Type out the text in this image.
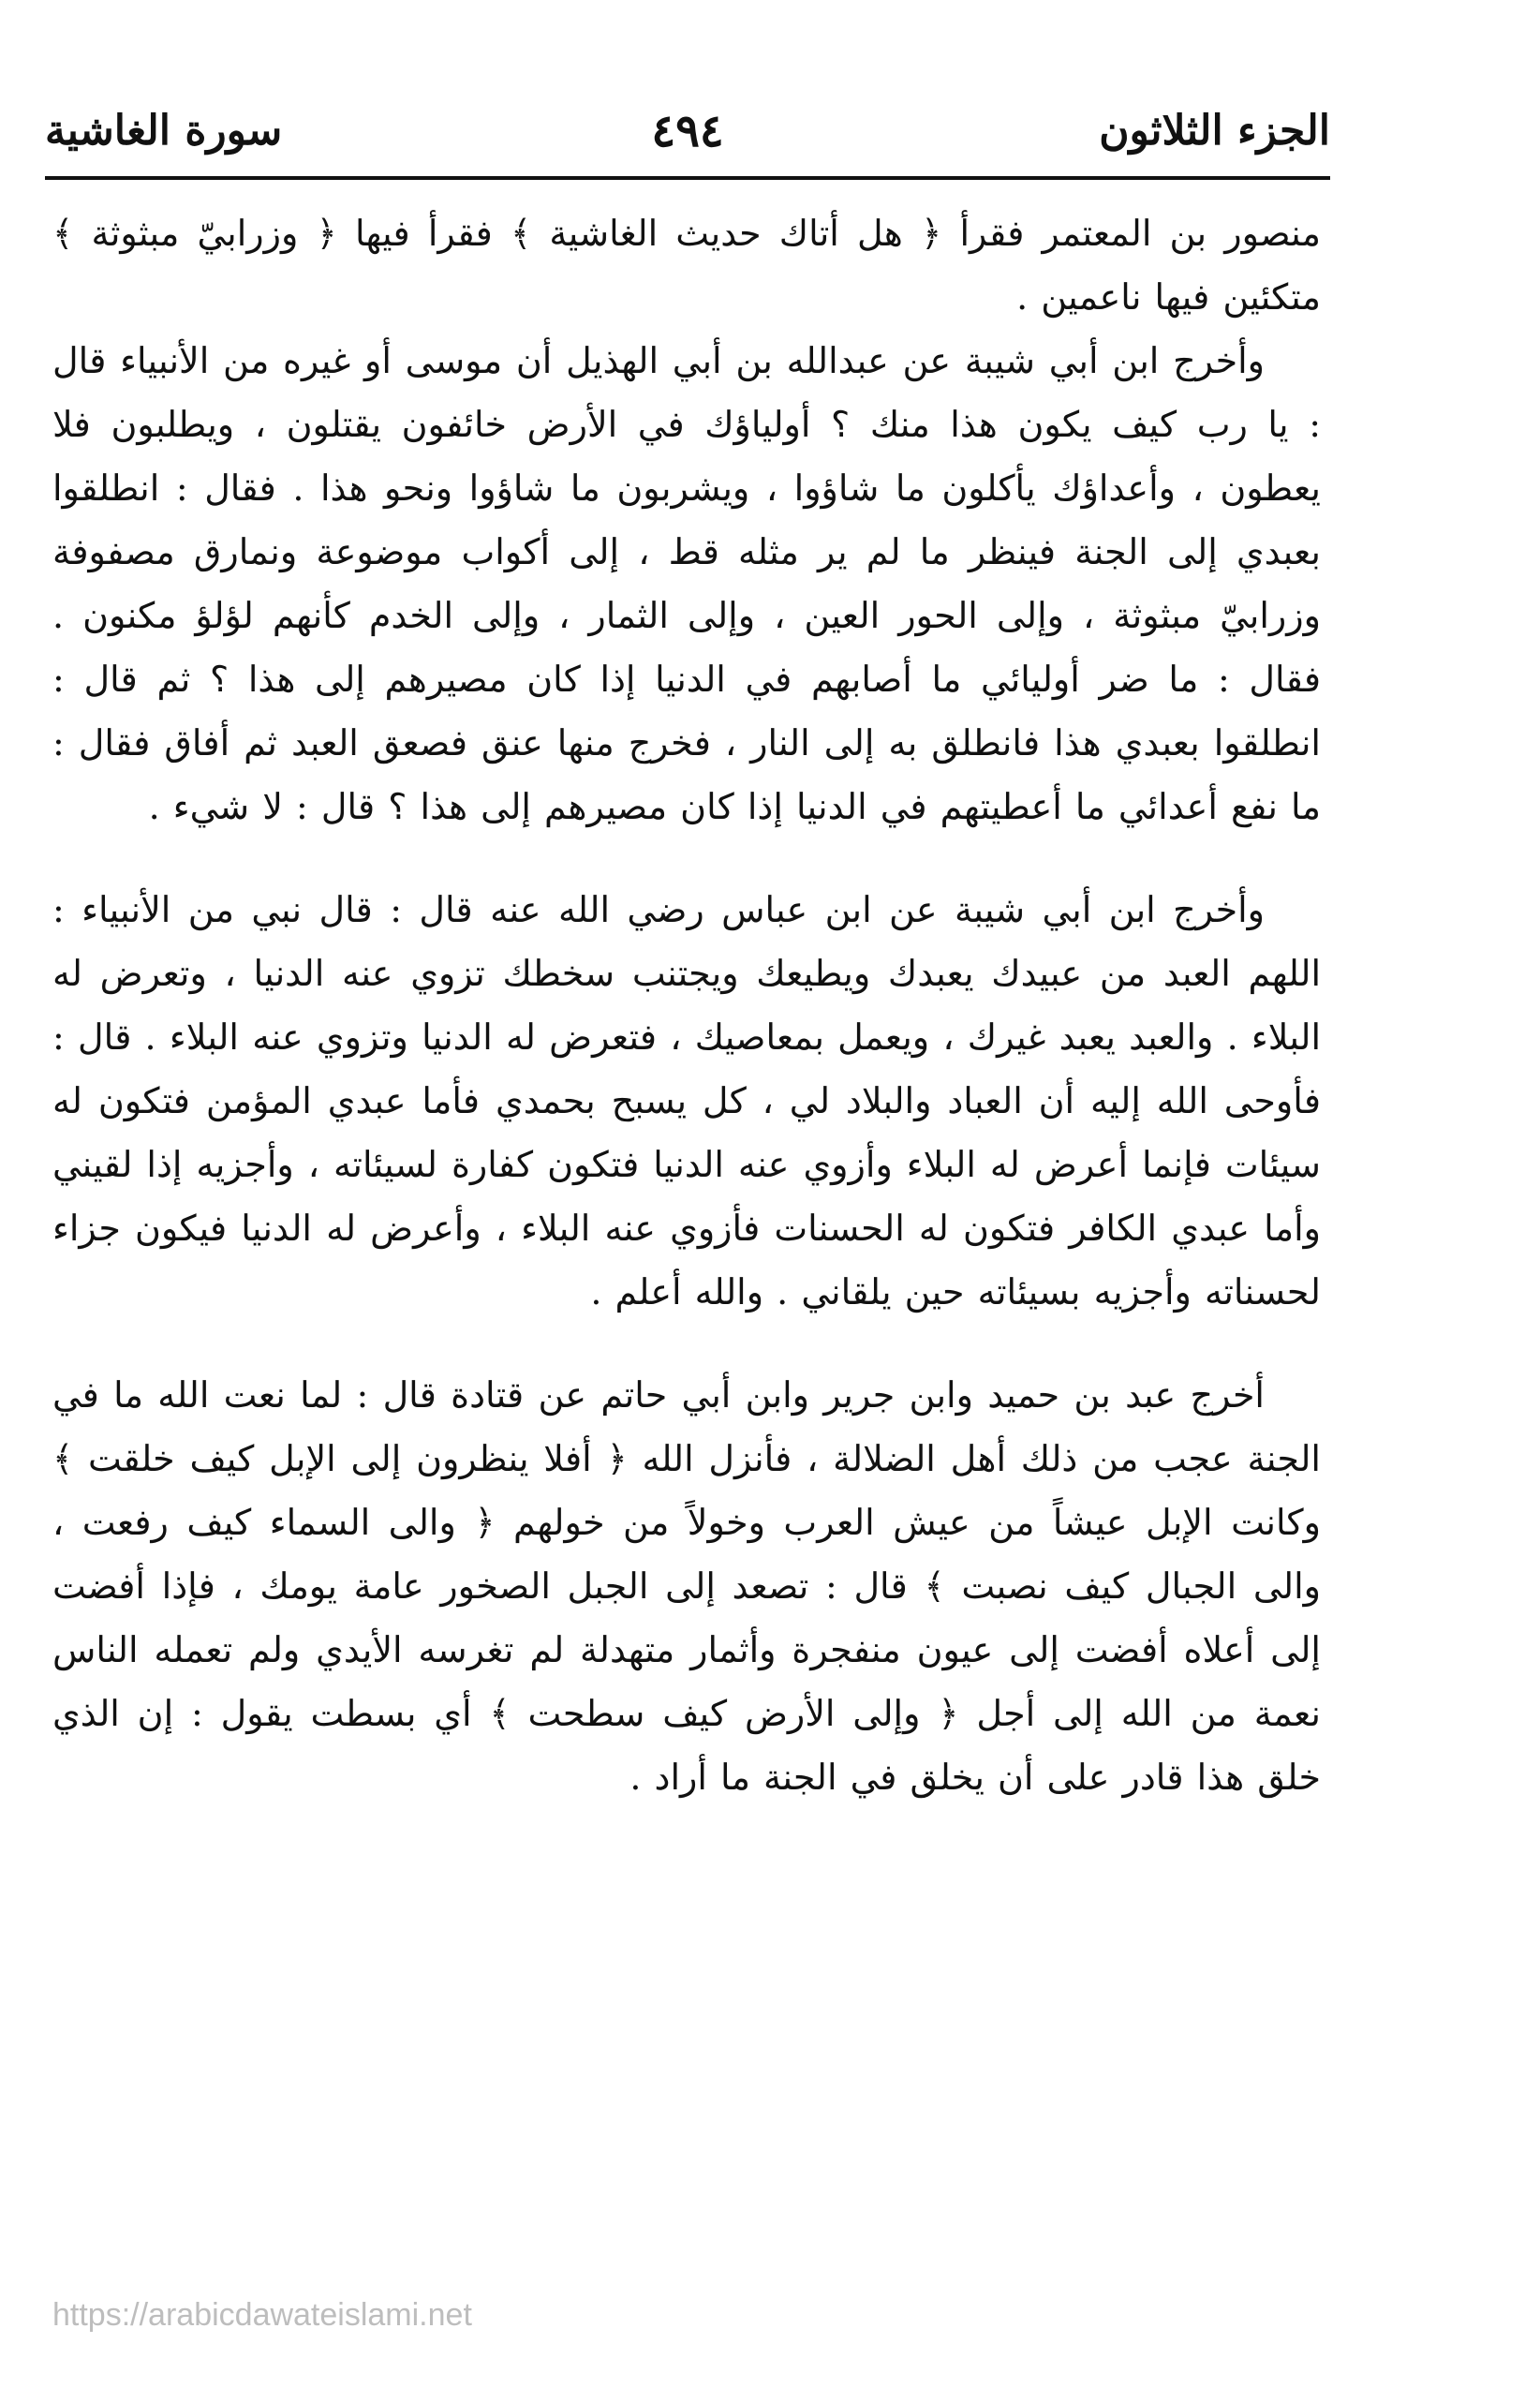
الجزء الثلاثون
٤٩٤
سورة الغاشية

منصور بن المعتمر فقرأ ﴿ هل أتاك حديث الغاشية ﴾ فقرأ فيها ﴿ وزرابيّ مبثوثة ﴾ متكئين فيها ناعمين .

وأخرج ابن أبي شيبة عن عبدالله بن أبي الهذيل أن موسى أو غيره من الأنبياء قال : يا رب كيف يكون هذا منك ؟ أولياؤك في الأرض خائفون يقتلون ، ويطلبون فلا يعطون ، وأعداؤك يأكلون ما شاؤوا ، ويشربون ما شاؤوا ونحو هذا . فقال : انطلقوا بعبدي إلى الجنة فينظر ما لم ير مثله قط ، إلى أكواب موضوعة ونمارق مصفوفة وزرابيّ مبثوثة ، وإلى الحور العين ، وإلى الثمار ، وإلى الخدم كأنهم لؤلؤ مكنون . فقال : ما ضر أوليائي ما أصابهم في الدنيا إذا كان مصيرهم إلى هذا ؟ ثم قال : انطلقوا بعبدي هذا فانطلق به إلى النار ، فخرج منها عنق فصعق العبد ثم أفاق فقال : ما نفع أعدائي ما أعطيتهم في الدنيا إذا كان مصيرهم إلى هذا ؟ قال : لا شيء .

وأخرج ابن أبي شيبة عن ابن عباس رضي الله عنه قال : قال نبي من الأنبياء : اللهم العبد من عبيدك يعبدك ويطيعك ويجتنب سخطك تزوي عنه الدنيا ، وتعرض له البلاء . والعبد يعبد غيرك ، ويعمل بمعاصيك ، فتعرض له الدنيا وتزوي عنه البلاء . قال : فأوحى الله إليه أن العباد والبلاد لي ، كل يسبح بحمدي فأما عبدي المؤمن فتكون له سيئات فإنما أعرض له البلاء وأزوي عنه الدنيا فتكون كفارة لسيئاته ، وأجزيه إذا لقيني وأما عبدي الكافر فتكون له الحسنات فأزوي عنه البلاء ، وأعرض له الدنيا فيكون جزاء لحسناته وأجزيه بسيئاته حين يلقاني . والله أعلم .

أخرج عبد بن حميد وابن جرير وابن أبي حاتم عن قتادة قال : لما نعت الله ما في الجنة عجب من ذلك أهل الضلالة ، فأنزل الله ﴿ أفلا ينظرون إلى الإبل كيف خلقت ﴾ وكانت الإبل عيشاً من عيش العرب وخولاً من خولهم ﴿ والى السماء كيف رفعت ، والى الجبال كيف نصبت ﴾ قال : تصعد إلى الجبل الصخور عامة يومك ، فإذا أفضت إلى أعلاه أفضت إلى عيون منفجرة وأثمار متهدلة لم تغرسه الأيدي ولم تعمله الناس نعمة من الله إلى أجل ﴿ وإلى الأرض كيف سطحت ﴾ أي بسطت يقول : إن الذي خلق هذا قادر على أن يخلق في الجنة ما أراد .

https://arabicdawateislami.net
